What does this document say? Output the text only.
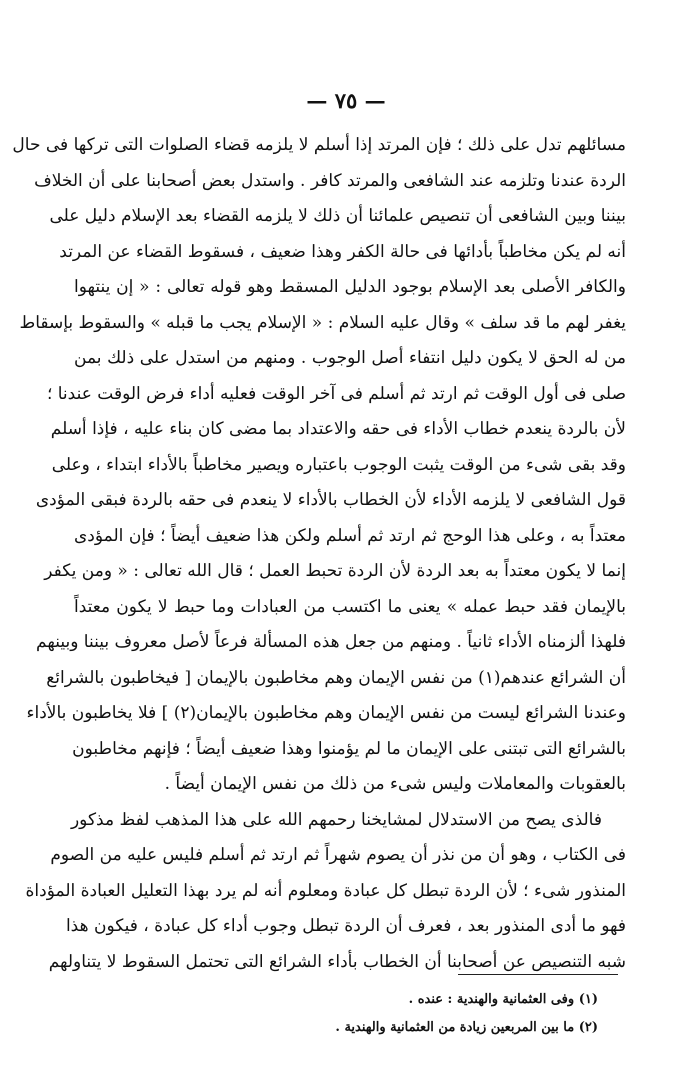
— ٧٥ —
مسائلهم تدل على ذلك ؛ فإن المرتد إذا أسلم لا يلزمه قضاء الصلوات التى تركها فى حال
الردة عندنا وتلزمه عند الشافعى والمرتد كافر . واستدل بعض أصحابنا على أن الخلاف
بيننا وبين الشافعى أن تنصيص علمائنا أن ذلك لا يلزمه القضاء بعد الإسلام دليل على
أنه لم يكن مخاطباً بأدائها فى حالة الكفر وهذا ضعيف ، فسقوط القضاء عن المرتد
والكافر الأصلى بعد الإسلام بوجود الدليل المسقط وهو قوله تعالى : « إن ينتهوا
يغفر لهم ما قد سلف » وقال عليه السلام : « الإسلام يجب ما قبله » والسقوط بإسقاط
من له الحق لا يكون دليل انتفاء أصل الوجوب . ومنهم من استدل على ذلك بمن
صلى فى أول الوقت ثم ارتد ثم أسلم فى آخر الوقت فعليه أداء فرض الوقت عندنا ؛
لأن بالردة ينعدم خطاب الأداء فى حقه والاعتداد بما مضى كان بناء عليه ، فإذا أسلم
وقد بقى شىء من الوقت يثبت الوجوب باعتباره ويصير مخاطباً بالأداء ابتداء ، وعلى
قول الشافعى لا يلزمه الأداء لأن الخطاب بالأداء لا ينعدم فى حقه بالردة فبقى المؤدى
معتداً به ، وعلى هذا الوحج ثم ارتد ثم أسلم ولكن هذا ضعيف أيضاً ؛ فإن المؤدى
إنما لا يكون معتداً به بعد الردة لأن الردة تحبط العمل ؛ قال الله تعالى : « ومن يكفر
بالإيمان فقد حبط عمله » يعنى ما اكتسب من العبادات وما حبط لا يكون معتداً
فلهذا ألزمناه الأداء ثانياً . ومنهم من جعل هذه المسألة فرعاً لأصل معروف بيننا وبينهم
أن الشرائع عندهم(١) من نفس الإيمان وهم مخاطبون بالإيمان [ فيخاطبون بالشرائع
وعندنا الشرائع ليست من نفس الإيمان وهم مخاطبون بالإيمان(٢) ] فلا يخاطبون بالأداء
بالشرائع التى تبتنى على الإيمان ما لم يؤمنوا وهذا ضعيف أيضاً ؛ فإنهم مخاطبون
بالعقوبات والمعاملات وليس شىء من ذلك من نفس الإيمان أيضاً .
فالذى يصح من الاستدلال لمشايخنا رحمهم الله على هذا المذهب لفظ مذكور
فى الكتاب ، وهو أن من نذر أن يصوم شهراً ثم ارتد ثم أسلم فليس عليه من الصوم
المنذور شىء ؛ لأن الردة تبطل كل عبادة ومعلوم أنه لم يرد بهذا التعليل العبادة المؤداة
فهو ما أدى المنذور بعد ، فعرف أن الردة تبطل وجوب أداء كل عبادة ، فيكون هذا
شبه التنصيص عن أصحابنا أن الخطاب بأداء الشرائع التى تحتمل السقوط لا يتناولهم
(١) وفى العثمانية والهندية : عنده .
(٢) ما بين المربعين زيادة من العثمانية والهندية .
